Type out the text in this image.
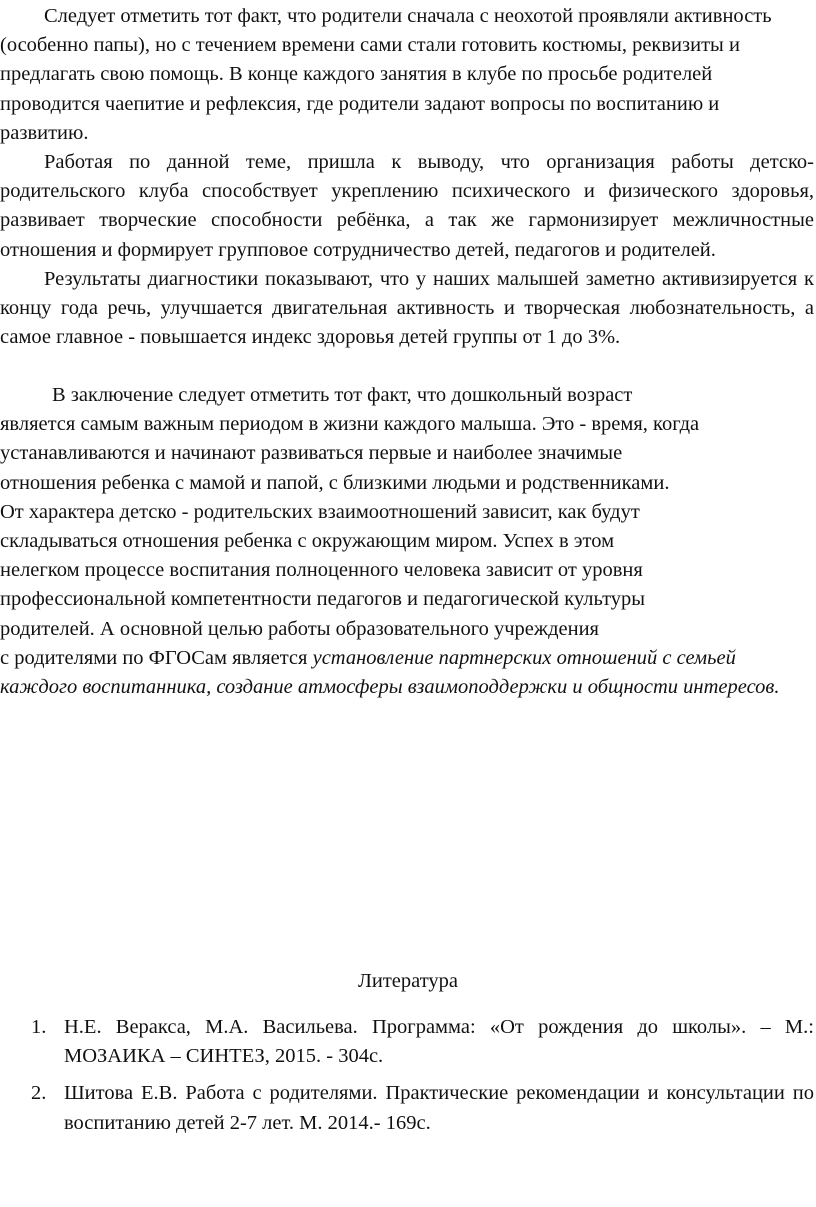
Следует отметить тот факт, что родители сначала с неохотой проявляли активность (особенно папы), но с течением времени сами стали готовить костюмы, реквизиты и предлагать свою помощь. В конце каждого занятия в клубе по просьбе родителей проводится чаепитие и рефлексия, где родители задают вопросы по воспитанию и развитию.

Работая по данной теме, пришла к выводу, что организация работы детско-родительского клуба способствует укреплению психического и физического здоровья, развивает творческие способности ребёнка, а так же гармонизирует межличностные отношения и формирует групповое сотрудничество детей, педагогов и родителей.

Результаты диагностики показывают, что у наших малышей заметно активизируется к концу года речь, улучшается двигательная активность и творческая любознательность, а самое главное - повышается индекс здоровья детей группы от 1 до 3%.

В заключение следует отметить тот факт, что дошкольный возраст
является самым важным периодом в жизни каждого малыша. Это - время, когда
устанавливаются и начинают развиваться первые и наиболее значимые
отношения ребенка с мамой и папой, с близкими людьми и родственниками.
От характера детско - родительских взаимоотношений зависит, как будут
складываться отношения ребенка с окружающим миром. Успех в этом
нелегком процессе воспитания полноценного человека зависит от уровня
профессиональной компетентности педагогов и педагогической культуры
родителей. А основной целью работы образовательного учреждения
с родителями по ФГОСам является установление партнерских отношений с семьей каждого воспитанника, создание атмосферы взаимоподдержки и общности интересов.

Литература

1. Н.Е. Веракса, М.А. Васильева. Программа: «От рождения до школы». – М.: МОЗАИКА – СИНТЕЗ, 2015. - 304с.
2. Шитова Е.В. Работа с родителями. Практические рекомендации и консультации по воспитанию детей 2-7 лет. М. 2014.- 169с.
